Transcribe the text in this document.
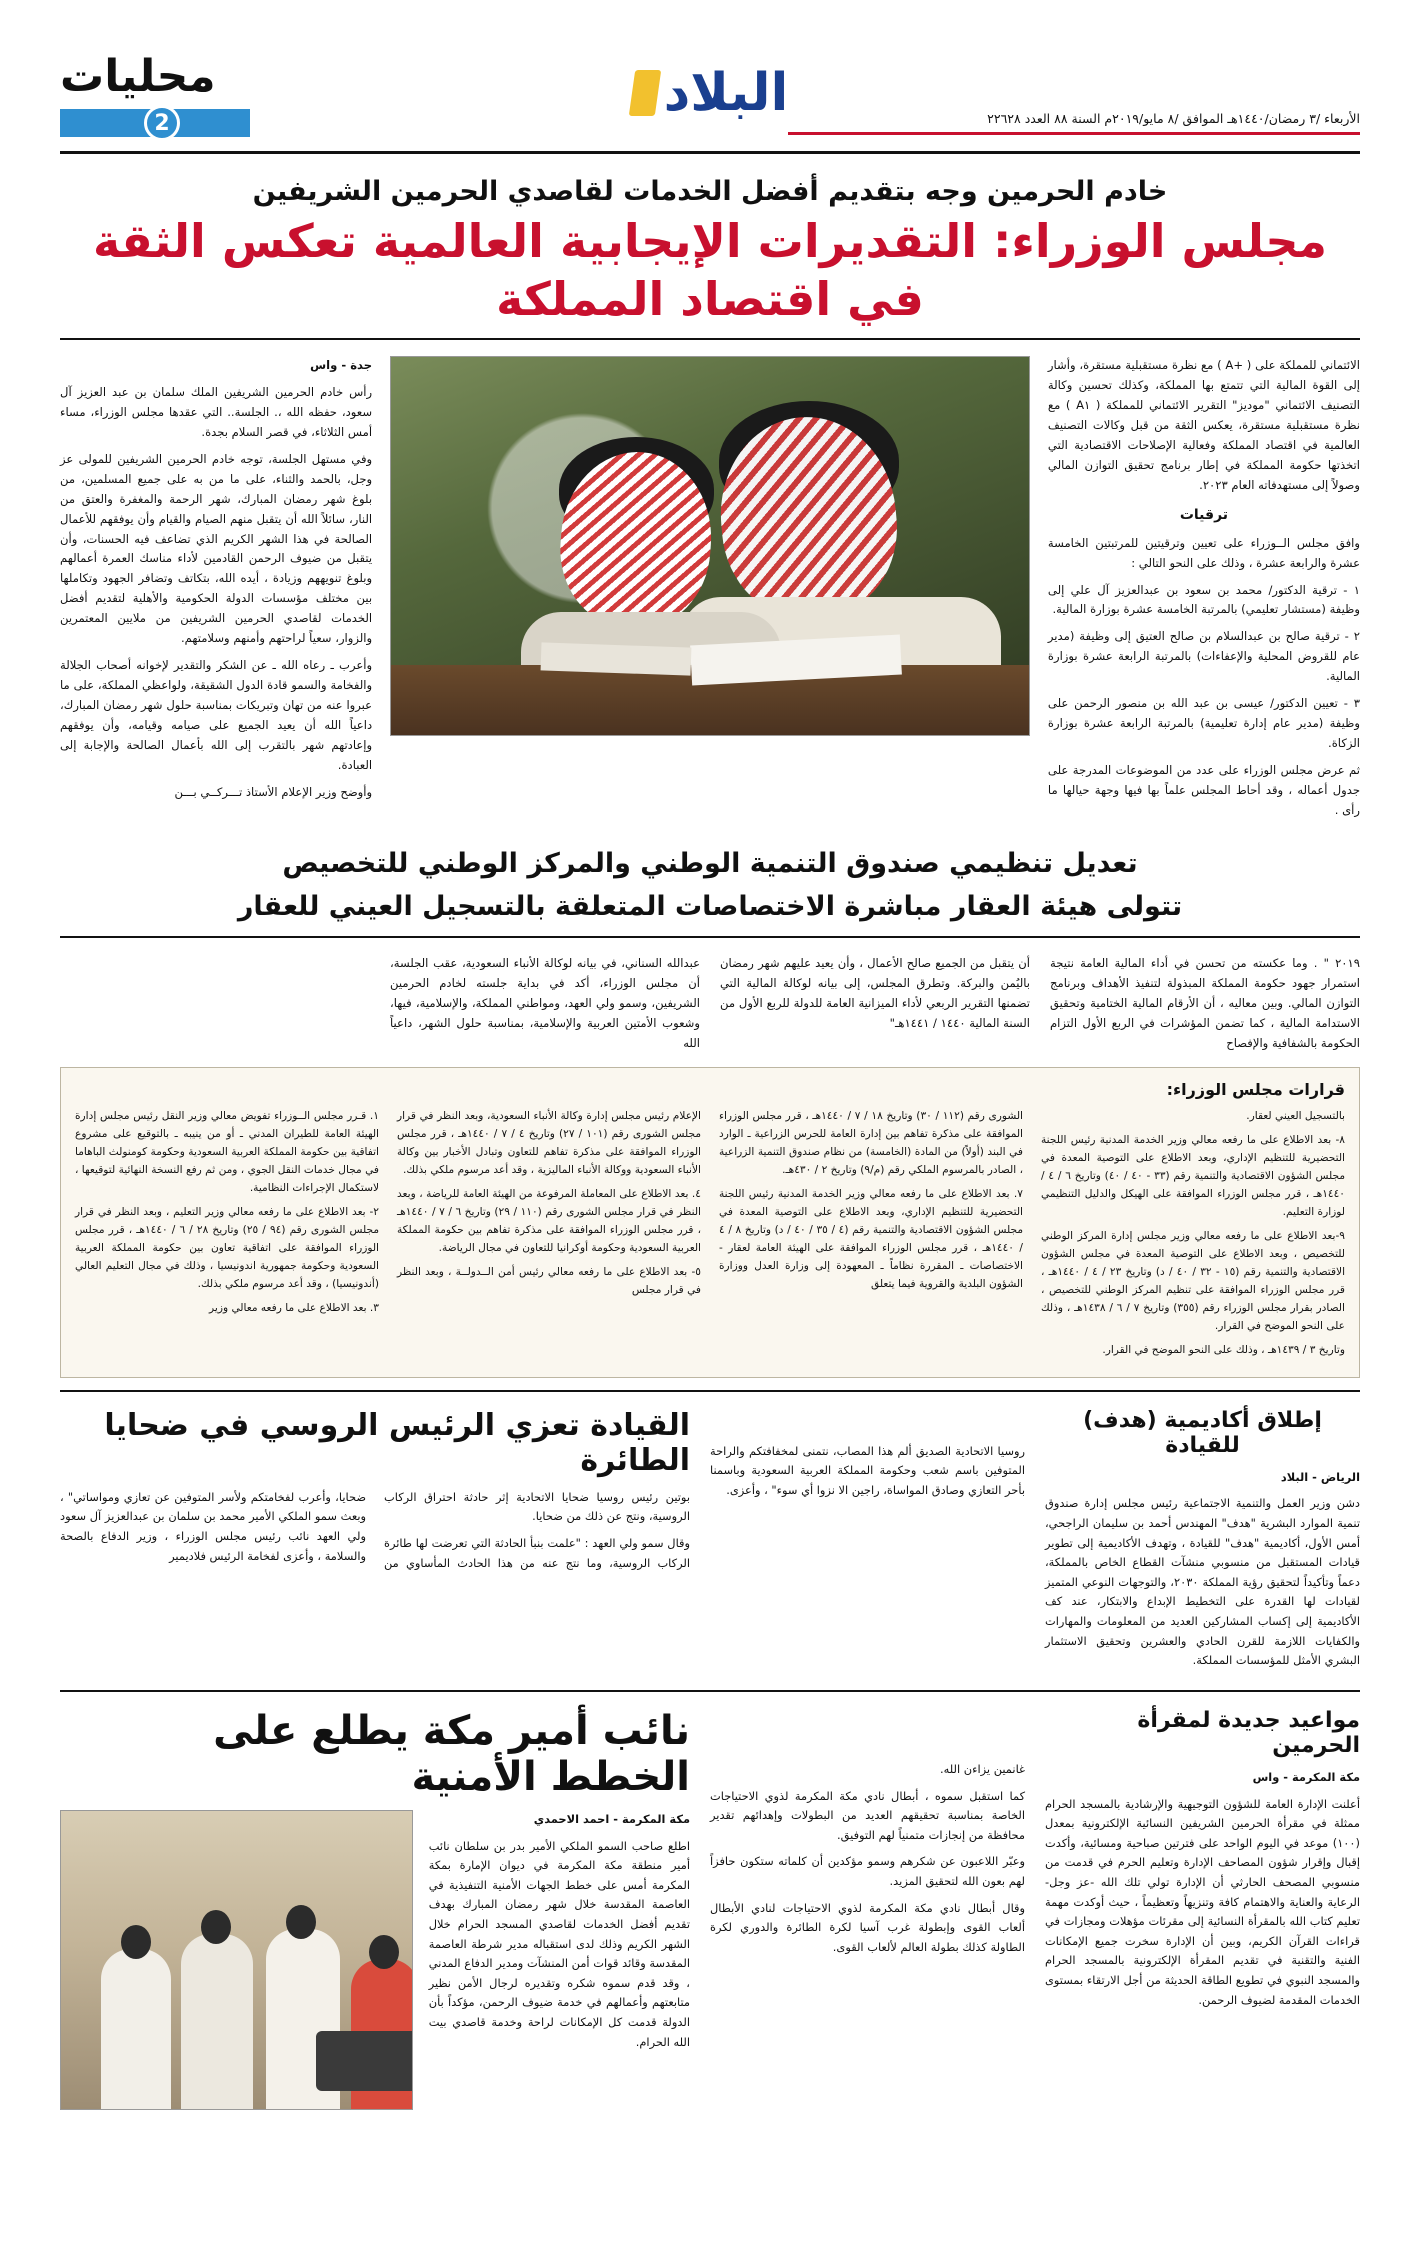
الأربعاء /٣ رمضان/١٤٤٠هـ الموافق /٨ مايو/٢٠١٩م السنة ٨٨ العدد ٢٢٦٢٨
البلاد
محليات
2
خادم الحرمين وجه بتقديم أفضل الخدمات لقاصدي الحرمين الشريفين
مجلس الوزراء: التقديرات الإيجابية العالمية تعكس الثقة في اقتصاد المملكة

الائتماني للمملكة على ( +A ) مع نظرة مستقبلية مستقرة، وأشار إلى القوة المالية التي تتمتع بها المملكة، وكذلك تحسين وكالة التصنيف الائتماني "موديز" التقرير الائتماني للمملكة ( A١ ) مع نظرة مستقبلية مستقرة، يعكس الثقة من قبل وكالات التصنيف العالمية في اقتصاد المملكة وفعالية الإصلاحات الاقتصادية التي اتخذتها حكومة المملكة في إطار برنامج تحقيق التوازن المالي وصولاً إلى مستهدفاته العام ٢٠٢٣.

ترقيات

وافق مجلس الــوزراء على تعيين وترقيتين للمرتبتين الخامسة عشرة والرابعة عشرة ، وذلك على النحو التالي :

١ - ترقية الدكتور/ محمد بن سعود بن عبدالعزيز آل علي إلى وظيفة (مستشار تعليمي) بالمرتبة الخامسة عشرة بوزارة المالية.

٢ - ترقية صالح بن عبدالسلام بن صالح العتيق إلى وظيفة (مدير عام للقروض المحلية والإعفاءات) بالمرتبة الرابعة عشرة بوزارة المالية.

٣ - تعيين الدكتور/ عيسى بن عبد الله بن منصور الرحمن على وظيفة (مدير عام إدارة تعليمية) بالمرتبة الرابعة عشرة بوزارة الزكاة.

ثم عرض مجلس الوزراء على عدد من الموضوعات المدرجة على جدول أعماله ، وقد أحاط المجلس علماً بها فيها وجهة حيالها ما رأى .

جدة - واس

رأس خادم الحرمين الشريفين الملك سلمان بن عبد العزيز آل سعود، حفظه الله ،. الجلسة.. التي عقدها مجلس الوزراء، مساء أمس الثلاثاء، في قصر السلام بجدة.

وفي مستهل الجلسة، توجه خادم الحرمين الشريفين للمولى عز وجل، بالحمد والثناء، على ما من به على جميع المسلمين، من بلوغ شهر رمضان المبارك، شهر الرحمة والمغفرة والعتق من النار، سائلاً الله أن يتقبل منهم الصيام والقيام وأن يوفقهم للأعمال الصالحة في هذا الشهر الكريم الذي تضاعف فيه الحسنات، وأن يتقبل من ضيوف الرحمن القادمين لأداء مناسك العمرة أعمالهم وبلوغ تنويههم وزيادة ، أيده الله، بتكاتف وتضافر الجهود وتكاملها بين مختلف مؤسسات الدولة الحكومية والأهلية لتقديم أفضل الخدمات لقاصدي الحرمين الشريفين من ملايين المعتمرين والزوار، سعياً لراحتهم وأمنهم وسلامتهم.

وأعرب ـ رعاه الله ـ عن الشكر والتقدير لإخوانه أصحاب الجلالة والفخامة والسمو قادة الدول الشقيقة، ولواعظي المملكة، على ما عبروا عنه من تهان وتبريكات بمناسبة حلول شهر رمضان المبارك، داعياً الله أن يعيد الجميع على صيامه وقيامه، وأن يوفقهم وإعادتهم شهر بالتقرب إلى الله بأعمال الصالحة والإجابة إلى العبادة.

وأوضح وزير الإعلام الأستاذ تـــركــي بـــن

تعديل تنظيمي صندوق التنمية الوطني والمركز الوطني للتخصيص
تتولى هيئة العقار مباشرة الاختصاصات المتعلقة بالتسجيل العيني للعقار

٢٠١٩ " . وما عكسته من تحسن في أداء المالية العامة نتيجة استمرار جهود حكومة المملكة المبذولة لتنفيذ الأهداف وبرنامج التوازن المالي. وبين معاليه ، أن الأرقام المالية الختامية وتحقيق الاستدامة المالية ، كما تضمن المؤشرات في الربع الأول التزام الحكومة بالشفافية والإفصاح

أن يتقبل من الجميع صالح الأعمال ، وأن يعيد عليهم شهر رمضان باليُمن والبركة. وتطرق المجلس، إلى بيانه لوكالة المالية التي تضمنها التقرير الربعي لأداء الميزانية العامة للدولة للربع الأول من السنة المالية ١٤٤٠ / ١٤٤١هـ"

عبدالله السناني، في بيانه لوكالة الأنباء السعودية، عقب الجلسة، أن مجلس الوزراء، أكد في بداية جلسته لخادم الحرمين الشريفين، وسمو ولي العهد، ومواطني المملكة، والإسلامية، فيها، وشعوب الأمتين العربية والإسلامية، بمناسبة حلول الشهر، داعياً الله

قرارات مجلس الوزراء:

بالتسجيل العيني لعقار.

٨- بعد الاطلاع على ما رفعه معالي وزير الخدمة المدنية رئيس اللجنة التحضيرية للتنظيم الإداري، وبعد الاطلاع على التوصية المعدة في مجلس الشؤون الاقتصادية والتنمية رقم (٣٣ - ٤٠ / ٤٠) وتاريخ ٦ / ٤ / ١٤٤٠هـ ، قرر مجلس الوزراء الموافقة على الهيكل والدليل التنظيمي لوزارة التعليم.

٩-بعد الاطلاع على ما رفعه معالي وزير مجلس إدارة المركز الوطني للتخصيص ، وبعد الاطلاع على التوصية المعدة في مجلس الشؤون الاقتصادية والتنمية رقم (١٥ - ٣٢ / ٤٠ / د) وتاريخ ٢٣ / ٤ / ١٤٤٠هـ ، قرر مجلس الوزراء الموافقة على تنظيم المركز الوطني للتخصيص ، الصادر بقرار مجلس الوزراء رقم (٣٥٥) وتاريخ ٧ / ٦ / ١٤٣٨هـ ، وذلك على النحو الموضح في القرار.

وتاريخ ٣ / ١٤٣٩هـ ، وذلك على النحو الموضح في القرار.

الشورى رقم (١١٢ / ٣٠) وتاريخ ١٨ / ٧ / ١٤٤٠هـ ، قرر مجلس الوزراء الموافقة على مذكرة تفاهم بين إدارة العامة للحرس الزراعية ـ الوارد في البند (أولاً) من المادة (الخامسة) من نظام صندوق التنمية الزراعية ، الصادر بالمرسوم الملكي رقم (م/٩) وتاريخ ٢ / ٤٣٠هـ.

٧. بعد الاطلاع على ما رفعه معالي وزير الخدمة المدنية رئيس اللجنة التحضيرية للتنظيم الإداري، وبعد الاطلاع على التوصية المعدة في مجلس الشؤون الاقتصادية والتنمية رقم (٤ / ٣٥ / ٤٠ / د) وتاريخ ٨ / ٤ / ١٤٤٠هـ ، قرر مجلس الوزراء الموافقة على الهيئة العامة لعقار - الاختصاصات ـ المقررة نظاماً ـ المعهودة إلى وزارة العدل ووزارة الشؤون البلدية والقروية فيما يتعلق

الإعلام رئيس مجلس إدارة وكالة الأنباء السعودية، وبعد النظر في قرار مجلس الشورى رقم (١٠١ / ٢٧) وتاريخ ٤ / ٧ / ١٤٤٠هـ ، قرر مجلس الوزراء الموافقة على مذكرة تفاهم للتعاون وتبادل الأخبار بين وكالة الأنباء السعودية ووكالة الأنباء الماليزية ، وقد أعد مرسوم ملكي بذلك.

٤. بعد الاطلاع على المعاملة المرفوعة من الهيئة العامة للرياضة ، وبعد النظر في قرار مجلس الشورى رقم (١١٠ / ٢٩) وتاريخ ٦ / ٧ / ١٤٤٠هـ ، قرر مجلس الوزراء الموافقة على مذكرة تفاهم بين حكومة المملكة العربية السعودية وحكومة أوكرانيا للتعاون في مجال الرياضة.

٥- بعد الاطلاع على ما رفعه معالي رئيس أمن الــدولــة ، وبعد النظر في قرار مجلس

١. قـرر مجلس الــوزراء تفويض معالي وزير النقل رئيس مجلس إدارة الهيئة العامة للطيران المدني ـ أو من ينيبه ـ بالتوقيع على مشروع اتفاقية بين حكومة المملكة العربية السعودية وحكومة كومنولث الباهاما في مجال خدمات النقل الجوي ، ومن ثم رفع النسخة النهائية لتوقيعها ، لاستكمال الإجراءات النظامية.

٢- بعد الاطلاع على ما رفعه معالي وزير التعليم ، وبعد النظر في قرار مجلس الشورى رقم (٩٤ / ٢٥) وتاريخ ٢٨ / ٦ / ١٤٤٠هـ ، قرر مجلس الوزراء الموافقة على اتفاقية تعاون بين حكومة المملكة العربية السعودية وحكومة جمهورية اندونيسيا ، وذلك في مجال التعليم العالي (أندونيسيا) ، وقد أعد مرسوم ملكي بذلك.

٣. بعد الاطلاع على ما رفعه معالي وزير

إطلاق أكاديمية (هدف) للقيادة

الرياض - البلاد

دشن وزير العمل والتنمية الاجتماعية رئيس مجلس إدارة صندوق تنمية الموارد البشرية "هدف" المهندس أحمد بن سليمان الراجحي، أمس الأول، أكاديمية "هدف" للقيادة ، وتهدف الأكاديمية إلى تطوير قيادات المستقبل من منسوبي منشآت القطاع الخاص بالمملكة، دعماً وتأكيداً لتحقيق رؤية المملكة ٢٠٣٠، والتوجهات النوعي المتميز لقيادات لها القدرة على التخطيط الإبداع والابتكار، عند كف الأكاديمية إلى إكساب المشاركين العديد من المعلومات والمهارات والكفايات اللازمة للقرن الحادي والعشرين وتحقيق الاستثمار البشري الأمثل للمؤسسات المملكة.

روسيا الاتحادية الصديق ألم هذا المصاب، نتمنى لمخفافتكم والراحة المتوفين باسم شعب وحكومة المملكة العربية السعودية وباسمنا بأحر التعازي وصادق المواساة، راجين الا نزوا أي سوء" ، وأعزى.

القيادة تعزي الرئيس الروسي في ضحايا الطائرة

بوتين رئيس روسيا ضحايا الاتحادية إثر حادثة احتراق الركاب الروسية، ونتج عن ذلك من ضحايا.

وقال سمو ولي العهد : "علمت بنبأ الحادثة التي تعرضت لها طائرة الركاب الروسية، وما نتج عنه من هذا الحادث المأساوي من ضحايا، وأعرب لفخامتكم ولأسر المتوفين عن تعازي ومواساتي" ، وبعث سمو الملكي الأمير محمد بن سلمان بن عبدالعزيز آل سعود ولي العهد نائب رئيس مجلس الوزراء ، وزير الدفاع بالصحة والسلامة ، وأعزى لفخامة الرئيس فلاديمير

مواعيد جديدة لمقرأة الحرمين

مكة المكرمة - واس

أعلنت الإدارة العامة للشؤون التوجيهية والإرشادية بالمسجد الحرام ممثلة في مقرأة الحرمين الشريفين النسائية الإلكترونية بمعدل (١٠٠) موعد في اليوم الواحد على فترتين صباحية ومسائية، وأكدت إقبال وإقرار شؤون المصاحف الإدارة وتعليم الحرم في قدمت من منسوبي المصحف الحارثي أن الإدارة تولي تلك الله -عز وجل- الرعاية والعناية والاهتمام كافة وتنزيهاً وتعظيماً ، حيث أوكدت مهمة تعليم كتاب الله بالمقرأة النسائية إلى مقرئات مؤهلات ومجازات في قراءات القرآن الكريم، وبين أن الإدارة سخرت جميع الإمكانات الفنية والتقنية في تقديم المقرأة الإلكترونية بالمسجد الحرام والمسجد النبوي في تطويع الطاقة الحديثة من أجل الارتقاء بمستوى الخدمات المقدمة لضيوف الرحمن.

غانمين يزاءن الله.

كما استقبل سموه ، أبطال نادي مكة المكرمة لذوي الاحتياجات الخاصة بمناسبة تحقيقهم العديد من البطولات وإهدائهم تقدير محافظة من إنجازات متمنياً لهم التوفيق.

وعبّر اللاعبون عن شكرهم وسمو مؤكدين أن كلماته ستكون حافزاً لهم بعون الله لتحقيق المزيد.

وقال أبطال نادي مكة المكرمة لذوي الاحتياجات لنادي الأبطال ألعاب القوى وإبطولة غرب آسيا لكرة الطائرة والدوري لكرة الطاولة كذلك بطولة العالم لألعاب القوى.

نائب أمير مكة يطلع على الخطط الأمنية

مكة المكرمة - احمد الاحمدي

اطلع صاحب السمو الملكي الأمير بدر بن سلطان نائب أمير منطقة مكة المكرمة في ديوان الإمارة بمكة المكرمة أمس على خطط الجهات الأمنية التنفيذية في العاصمة المقدسة خلال شهر رمضان المبارك بهدف تقديم أفضل الخدمات لقاصدي المسجد الحرام خلال الشهر الكريم وذلك لدى استقباله مدير شرطة العاصمة المقدسة وقائد قوات أمن المنشآت ومدير الدفاع المدني ، وقد قدم سموه شكره وتقديره لرجال الأمن نظير متابعتهم وأعمالهم في خدمة ضيوف الرحمن، مؤكداً بأن الدولة قدمت كل الإمكانات لراحة وخدمة قاصدي بيت الله الحرام.
